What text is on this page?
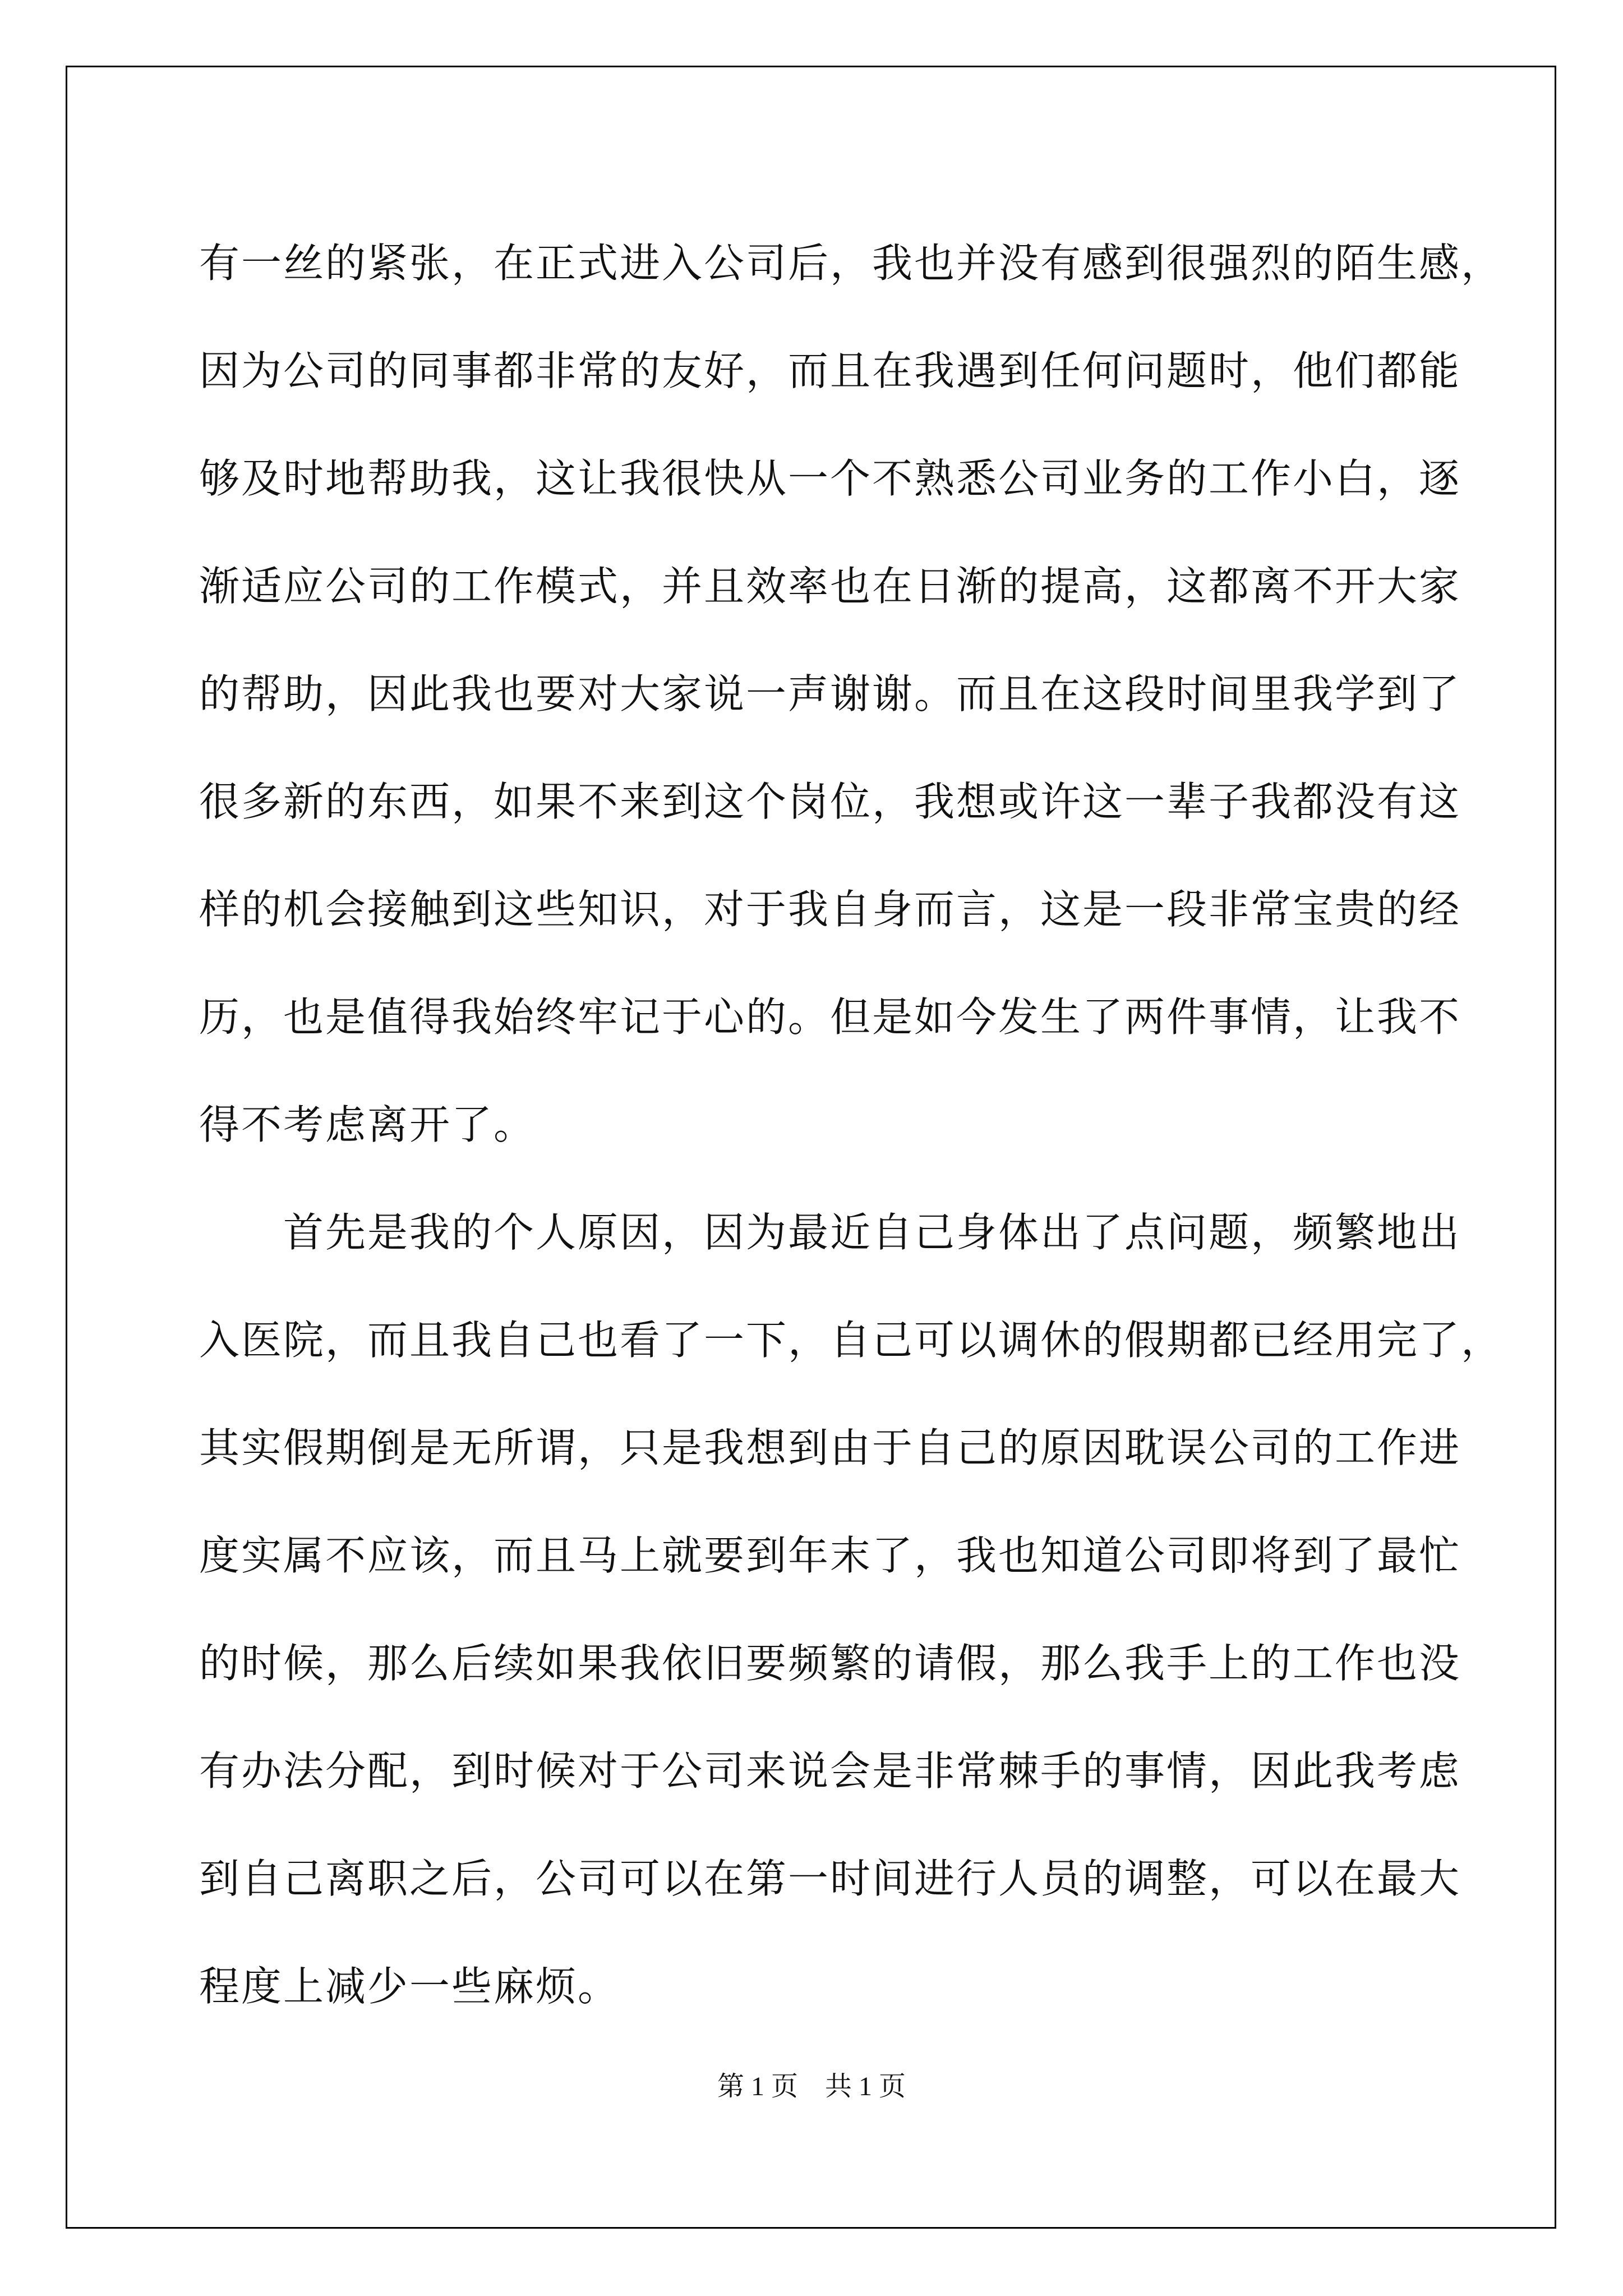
有一丝的紧张，在正式进入公司后，我也并没有感到很强烈的陌生感，
因为公司的同事都非常的友好，而且在我遇到任何问题时，他们都能
够及时地帮助我，这让我很快从一个不熟悉公司业务的工作小白，逐
渐适应公司的工作模式，并且效率也在日渐的提高，这都离不开大家
的帮助，因此我也要对大家说一声谢谢。而且在这段时间里我学到了
很多新的东西，如果不来到这个岗位，我想或许这一辈子我都没有这
样的机会接触到这些知识，对于我自身而言，这是一段非常宝贵的经
历，也是值得我始终牢记于心的。但是如今发生了两件事情，让我不
得不考虑离开了。
　　首先是我的个人原因，因为最近自己身体出了点问题，频繁地出
入医院，而且我自己也看了一下，自己可以调休的假期都已经用完了，
其实假期倒是无所谓，只是我想到由于自己的原因耽误公司的工作进
度实属不应该，而且马上就要到年末了，我也知道公司即将到了最忙
的时候，那么后续如果我依旧要频繁的请假，那么我手上的工作也没
有办法分配，到时候对于公司来说会是非常棘手的事情，因此我考虑
到自己离职之后，公司可以在第一时间进行人员的调整，可以在最大
程度上减少一些麻烦。
第 1 页　共 1 页
